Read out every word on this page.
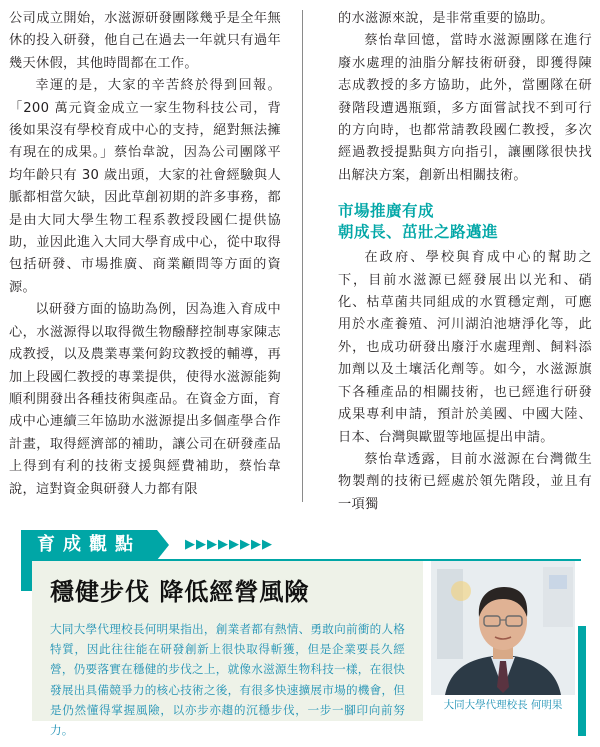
公司成立開始，水滋源研發團隊幾乎是全年無休的投入研發，他自己在過去一年就只有過年幾天休假，其他時間都在工作。

幸運的是，大家的辛苦終於得到回報。「200 萬元資金成立一家生物科技公司，背後如果沒有學校育成中心的支持，絕對無法擁有現在的成果。」蔡怡韋說，因為公司團隊平均年齡只有 30 歲出頭，大家的社會經驗與人脈都相當欠缺，因此草創初期的許多事務，都是由大同大學生物工程系教授段國仁提供協助，並因此進入大同大學育成中心，從中取得包括研發、市場推廣、商業顧問等方面的資源。

以研發方面的協助為例，因為進入育成中心，水滋源得以取得微生物醱酵控制專家陳志成教授，以及農業專業何鈞玟教授的輔導，再加上段國仁教授的專業提供，使得水滋源能夠順利開發出各種技術與產品。在資金方面，育成中心連續三年協助水滋源提出多個產學合作計畫，取得經濟部的補助，讓公司在研發產品上得到有利的技術支援與經費補助，蔡怡韋說，這對資金與研發人力都有限

的水滋源來說，是非常重要的協助。

蔡怡韋回憶，當時水滋源團隊在進行廢水處理的油脂分解技術研發，即獲得陳志成教授的多方協助，此外，當團隊在研發階段遭遇瓶頸，多方面嘗試找不到可行的方向時，也都常請教段國仁教授，多次經過教授提點與方向指引，讓團隊很快找出解決方案，創新出相關技術。

市場推廣有成
朝成長、茁壯之路邁進

在政府、學校與育成中心的幫助之下，目前水滋源已經發展出以光和、硝化、枯草菌共同組成的水質穩定劑，可應用於水產養殖、河川湖泊池塘淨化等，此外，也成功研發出廢汙水處理劑、飼料添加劑以及土壤活化劑等。如今，水滋源旗下各種產品的相關技術，也已經進行研發成果專利申請，預計於美國、中國大陸、日本、台灣與歐盟等地區提出申請。

蔡怡韋透露，目前水滋源在台灣微生物製劑的技術已經處於領先階段，並且有一項獨

育成觀點	▶▶▶▶▶▶▶▶

穩健步伐 降低經營風險

大同大學代理校長何明果指出，創業者都有熱情、勇敢向前衝的人格特質，因此往往能在研發創新上很快取得斬獲，但是企業要長久經營，仍要落實在穩健的步伐之上，就像水滋源生物科技一樣，在很快發展出具備競爭力的核心技術之後，有很多快速擴展市場的機會，但是仍然懂得掌握風險，以亦步亦趨的沉穩步伐，一步一腳印向前努力。

大同大學代理校長 何明果
